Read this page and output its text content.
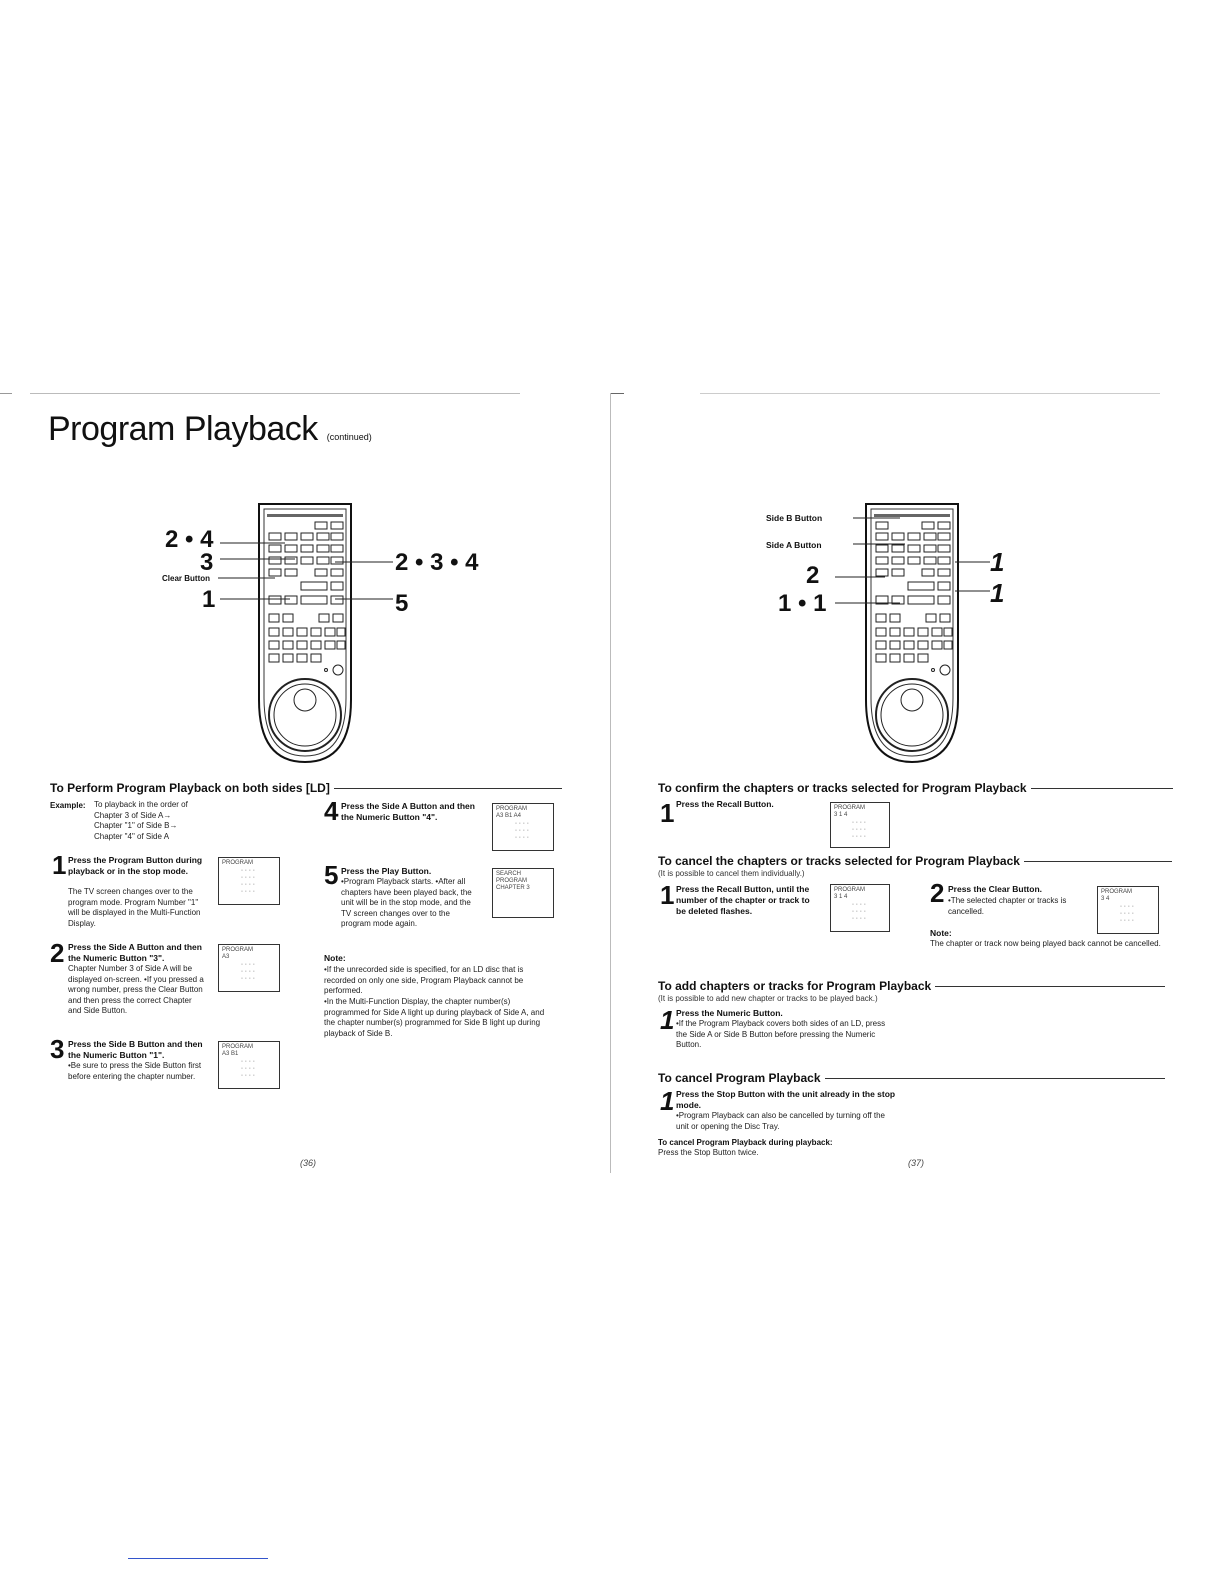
Program Playback (continued)
2 • 4
3
Clear Button
1
2 • 3 • 4
5
To Perform Program Playback on both sides [LD]
Example: To playback in the order of
Chapter 3 of Side A→
Chapter "1" of Side B→
Chapter "4" of Side A
1 Press the Program Button during playback or in the stop mode.
The TV screen changes over to the program mode. Program Number "1" will be displayed in the Multi-Function Display.
PROGRAM
∙∙∙∙
∙∙∙∙
∙∙∙∙
∙∙∙∙
2 Press the Side A Button and then the Numeric Button "3".
Chapter Number 3 of Side A will be displayed on-screen. •If you pressed a wrong number, press the Clear Button and then press the correct Chapter and Side Button.
PROGRAM
A3
∙∙∙∙
∙∙∙∙
∙∙∙∙
3 Press the Side B Button and then the Numeric Button "1".
•Be sure to press the Side Button first before entering the chapter number.
PROGRAM
A3 B1
∙∙∙∙
∙∙∙∙
∙∙∙∙
4 Press the Side A Button and then the Numeric Button "4".
PROGRAM
A3 B1 A4
∙∙∙∙
∙∙∙∙
∙∙∙∙
5 Press the Play Button.
•Program Playback starts. •After all chapters have been played back, the unit will be in the stop mode, and the TV screen changes over to the program mode again.
SEARCH PROGRAM
CHAPTER 3
Note:
•If the unrecorded side is specified, for an LD disc that is recorded on only one side, Program Playback cannot be performed.
•In the Multi-Function Display, the chapter number(s) programmed for Side A light up during playback of Side A, and the chapter number(s) programmed for Side B light up during playback of Side B.
(36)
Side B Button
Side A Button
2
1 • 1
1
1
To confirm the chapters or tracks selected for Program Playback
1 Press the Recall Button.	PROGRAM
3 1 4
∙∙∙∙
∙∙∙∙
∙∙∙∙
To cancel the chapters or tracks selected for Program Playback
(It is possible to cancel them individually.)
1 Press the Recall Button, until the number of the chapter or track to be deleted flashes.
PROGRAM
3 1 4
∙∙∙∙
∙∙∙∙
∙∙∙∙
2 Press the Clear Button.
•The selected chapter or tracks is cancelled.
PROGRAM
3 4
∙∙∙∙
∙∙∙∙
∙∙∙∙
Note:
The chapter or track now being played back cannot be cancelled.
To add chapters or tracks for Program Playback
(It is possible to add new chapter or tracks to be played back.)
1 Press the Numeric Button.
•If the Program Playback covers both sides of an LD, press the Side A or Side B Button before pressing the Numeric Button.
To cancel Program Playback
1 Press the Stop Button with the unit already in the stop mode.
•Program Playback can also be cancelled by turning off the unit or opening the Disc Tray.
To cancel Program Playback during playback:
Press the Stop Button twice.
(37)
